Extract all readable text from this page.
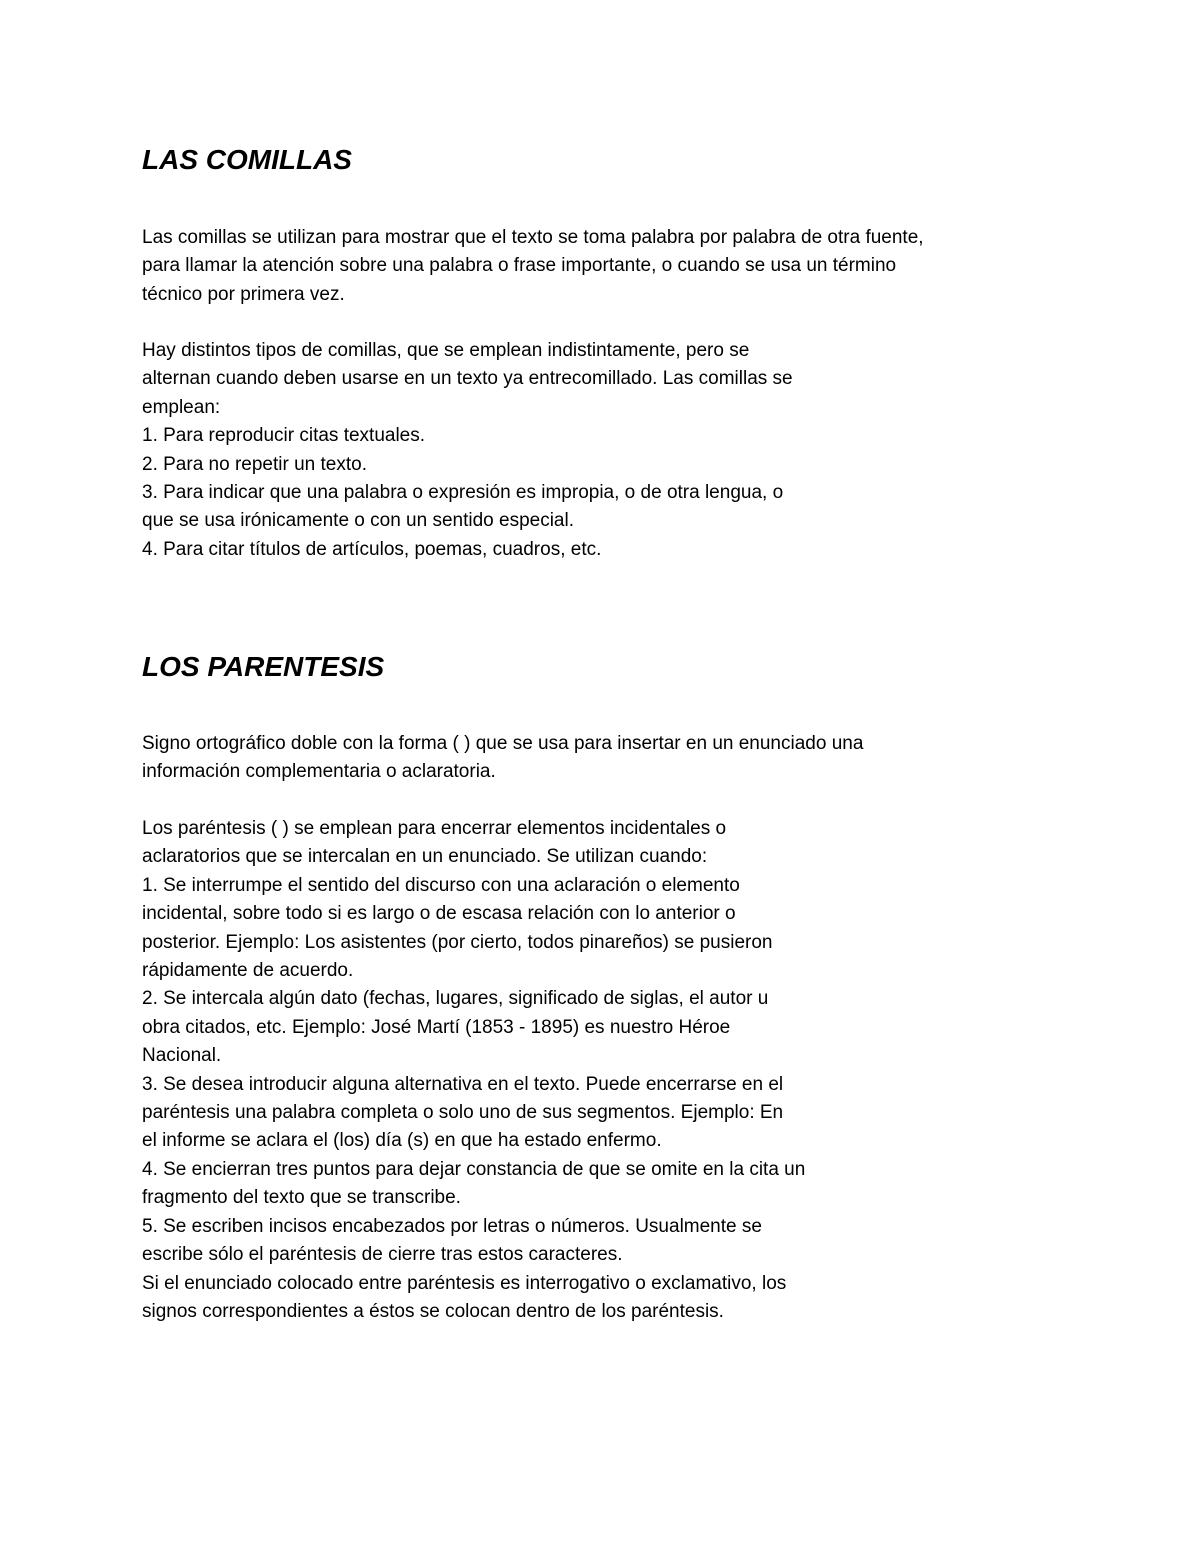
LAS COMILLAS

Las comillas se utilizan para mostrar que el texto se toma palabra por palabra de otra fuente,

para llamar la atención sobre una palabra o frase importante, o cuando se usa un término

técnico por primera vez.

Hay distintos tipos de comillas, que se emplean indistintamente, pero se

alternan cuando deben usarse en un texto ya entrecomillado. Las comillas se

emplean:

1. Para reproducir citas textuales.

2. Para no repetir un texto.

3. Para indicar que una palabra o expresión es impropia, o de otra lengua, o

que se usa irónicamente o con un sentido especial.

4. Para citar títulos de artículos, poemas, cuadros, etc.

LOS PARENTESIS

Signo ortográfico doble con la forma ( ) que se usa para insertar en un enunciado una

información complementaria o aclaratoria.

Los paréntesis ( ) se emplean para encerrar elementos incidentales o

aclaratorios que se intercalan en un enunciado. Se utilizan cuando:

1. Se interrumpe el sentido del discurso con una aclaración o elemento

incidental, sobre todo si es largo o de escasa relación con lo anterior o

posterior. Ejemplo: Los asistentes (por cierto, todos pinareños) se pusieron

rápidamente de acuerdo.

2. Se intercala algún dato (fechas, lugares, significado de siglas, el autor u

obra citados, etc. Ejemplo: José Martí (1853 - 1895) es nuestro Héroe

Nacional.

3. Se desea introducir alguna alternativa en el texto. Puede encerrarse en el

paréntesis una palabra completa o solo uno de sus segmentos. Ejemplo: En

el informe se aclara el (los) día (s) en que ha estado enfermo.

4. Se encierran tres puntos para dejar constancia de que se omite en la cita un

fragmento del texto que se transcribe.

5. Se escriben incisos encabezados por letras o números. Usualmente se

escribe sólo el paréntesis de cierre tras estos caracteres.

Si el enunciado colocado entre paréntesis es interrogativo o exclamativo, los

signos correspondientes a éstos se colocan dentro de los paréntesis.
